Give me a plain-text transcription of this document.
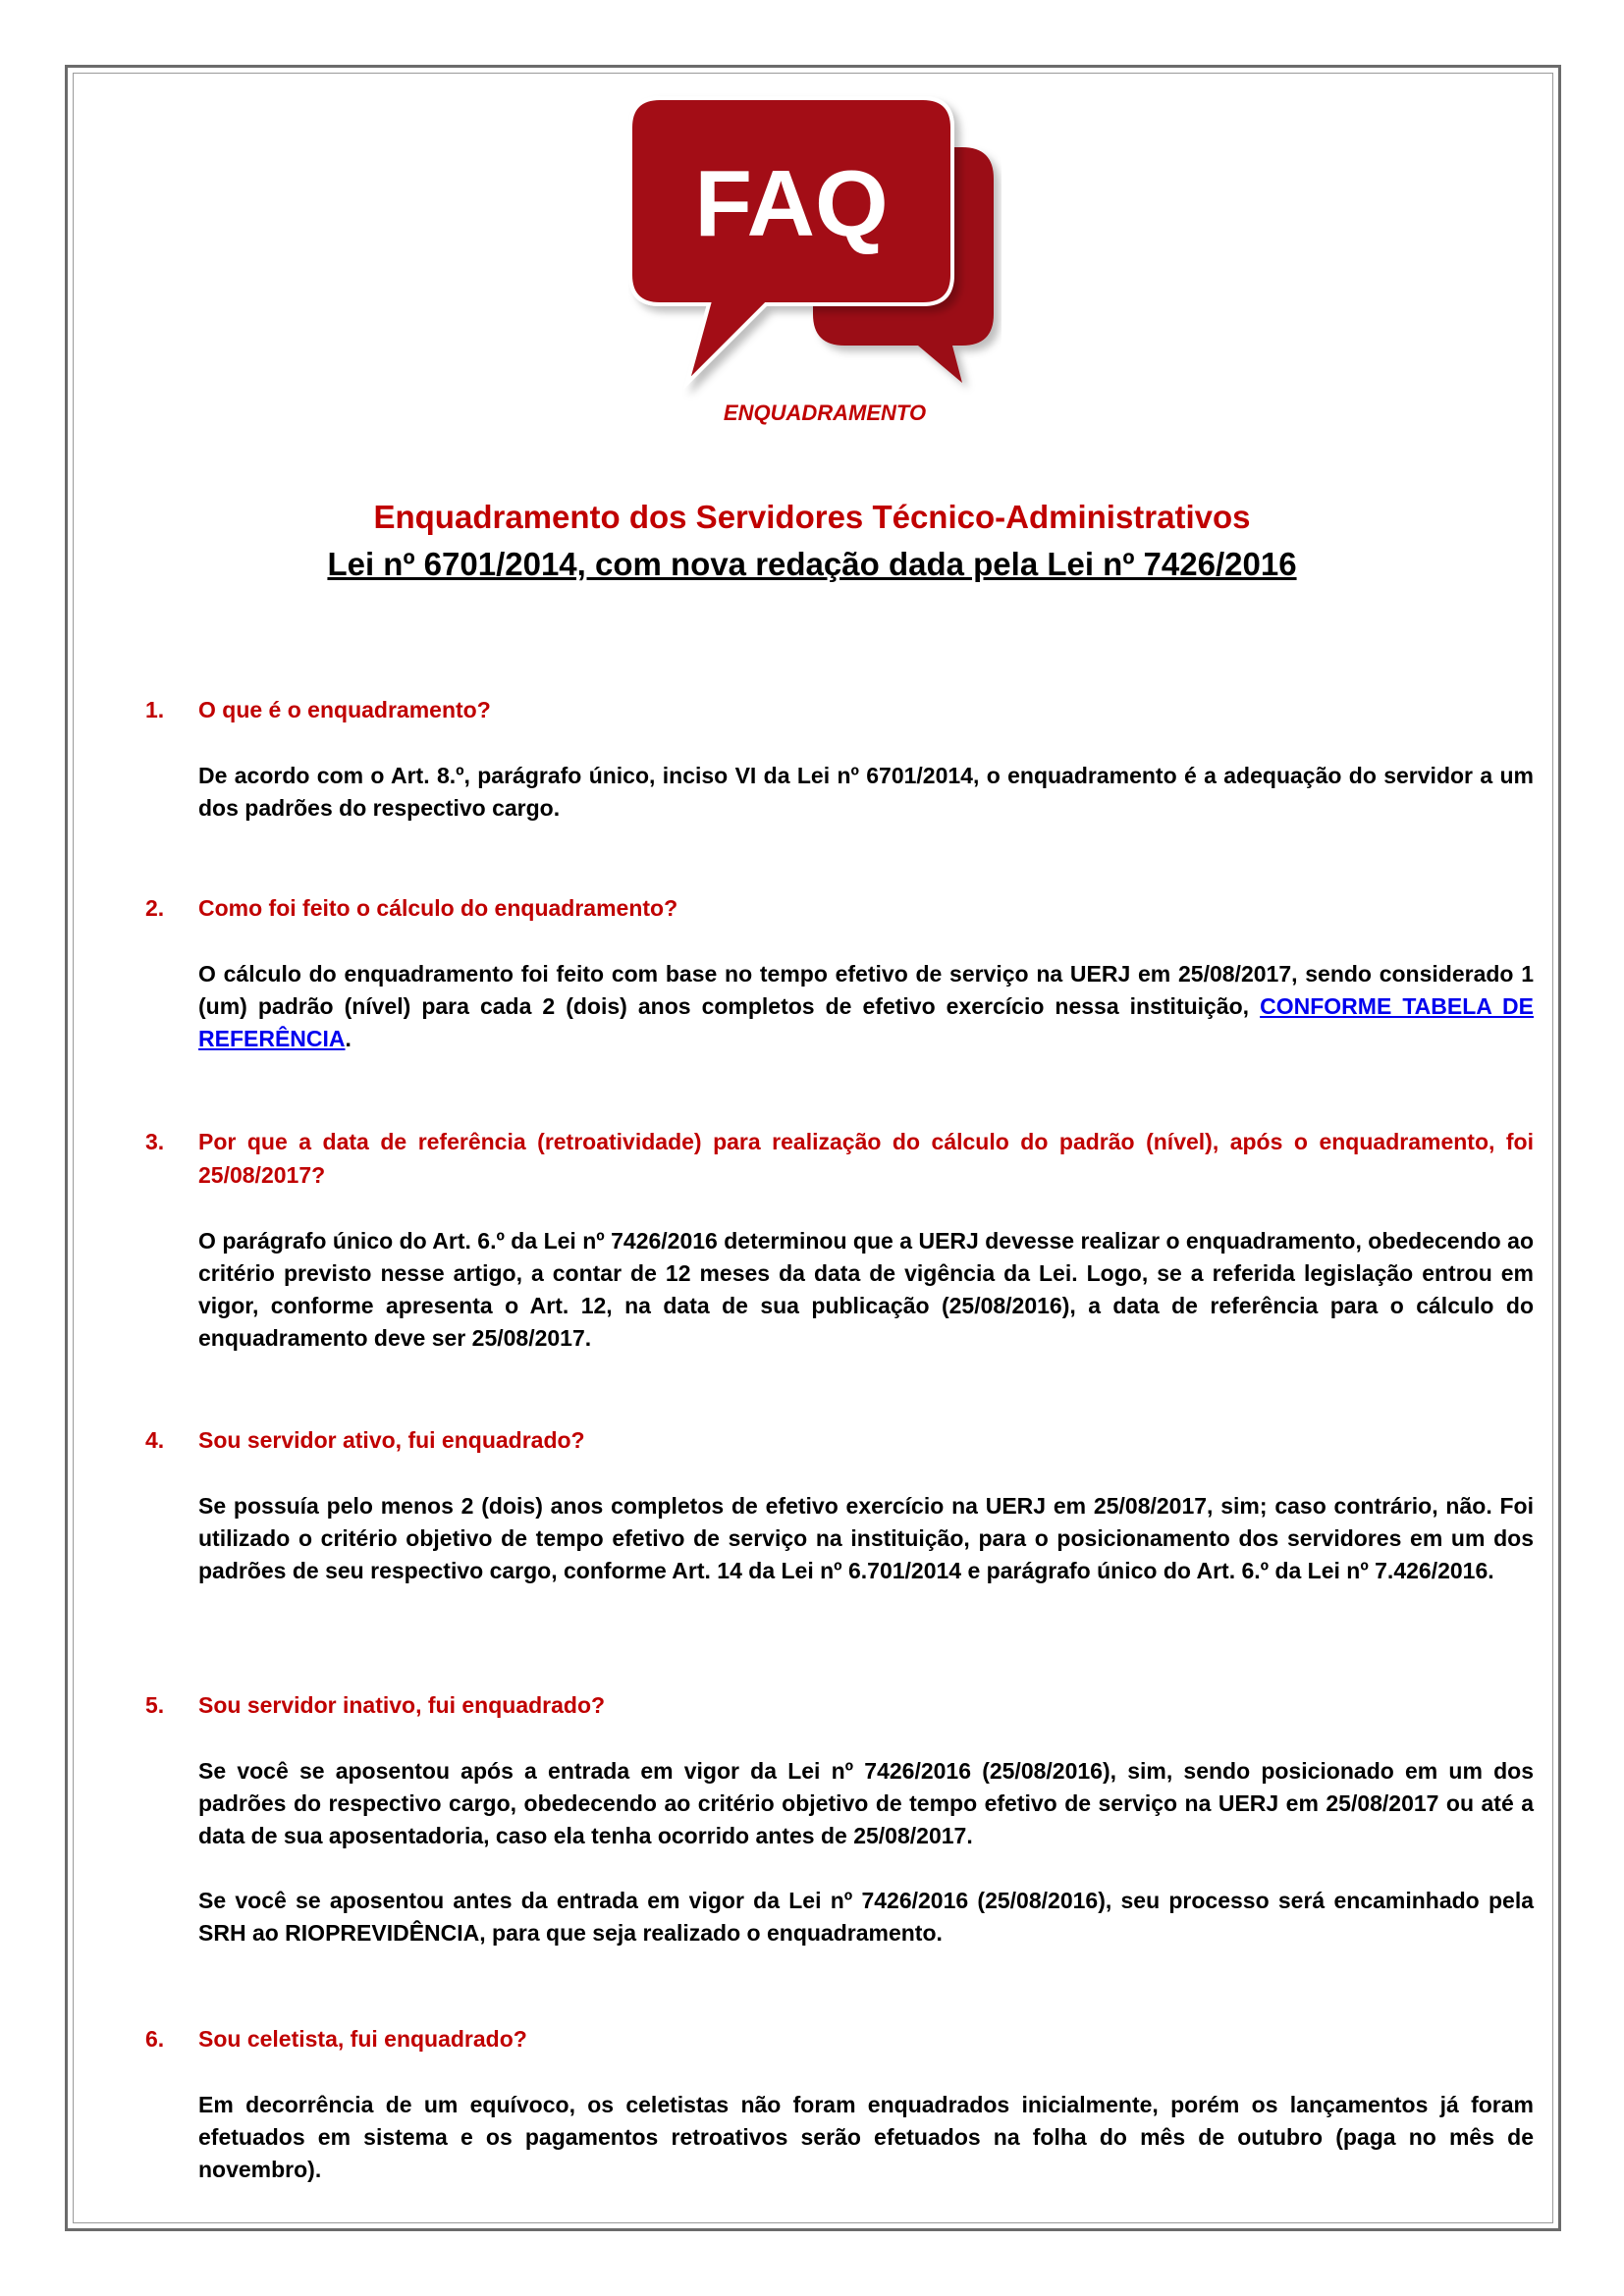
FAQ
ENQUADRAMENTO
Enquadramento dos Servidores Técnico-Administrativos
Lei nº 6701/2014, com nova redação dada pela Lei nº 7426/2016
1.	O que é o enquadramento?
De acordo com o Art. 8.º, parágrafo único, inciso VI da Lei nº 6701/2014, o enquadramento é a adequação do servidor a um dos padrões do respectivo cargo.
2.	Como foi feito o cálculo do enquadramento?
O cálculo do enquadramento foi feito com base no tempo efetivo de serviço na UERJ em 25/08/2017, sendo considerado 1 (um) padrão (nível) para cada 2 (dois) anos completos de efetivo exercício nessa instituição, CONFORME TABELA DE REFERÊNCIA.
3.	Por que a data de referência (retroatividade) para realização do cálculo do padrão (nível), após o enquadramento, foi 25/08/2017?
O parágrafo único do Art. 6.º da Lei nº 7426/2016 determinou que a UERJ devesse realizar o enquadramento, obedecendo ao critério previsto nesse artigo, a contar de 12 meses da data de vigência da Lei. Logo, se a referida legislação entrou em vigor, conforme apresenta o Art. 12, na data de sua publicação (25/08/2016), a data de referência para o cálculo do enquadramento deve ser 25/08/2017.
4.	Sou servidor ativo, fui enquadrado?
Se possuía pelo menos 2 (dois) anos completos de efetivo exercício na UERJ em 25/08/2017, sim; caso contrário, não. Foi utilizado o critério objetivo de tempo efetivo de serviço na instituição, para o posicionamento dos servidores em um dos padrões de seu respectivo cargo, conforme Art. 14 da Lei nº 6.701/2014 e parágrafo único do Art. 6.º da Lei nº 7.426/2016.
5.	Sou servidor inativo, fui enquadrado?
Se você se aposentou após a entrada em vigor da Lei nº 7426/2016 (25/08/2016), sim, sendo posicionado em um dos padrões do respectivo cargo, obedecendo ao critério objetivo de tempo efetivo de serviço na UERJ em 25/08/2017 ou até a data de sua aposentadoria, caso ela tenha ocorrido antes de 25/08/2017.
Se você se aposentou antes da entrada em vigor da Lei nº 7426/2016 (25/08/2016), seu processo será encaminhado pela SRH ao RIOPREVIDÊNCIA, para que seja realizado o enquadramento.
6.	Sou celetista, fui enquadrado?
Em decorrência de um equívoco, os celetistas não foram enquadrados inicialmente, porém os lançamentos já foram efetuados em sistema e os pagamentos retroativos serão efetuados na folha do mês de outubro (paga no mês de novembro).
